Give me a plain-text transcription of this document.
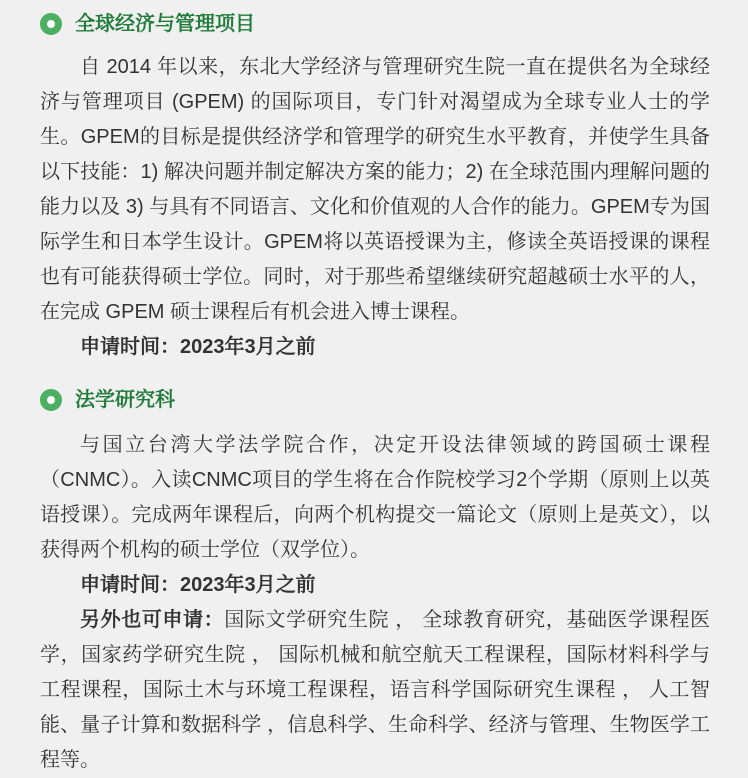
全球经济与管理项目

自 2014 年以来，东北大学经济与管理研究生院一直在提供名为全球经济与管理项目 (GPEM) 的国际项目，专门针对渴望成为全球专业人士的学生。GPEM的目标是提供经济学和管理学的研究生水平教育，并使学生具备以下技能：1) 解决问题并制定解决方案的能力；2) 在全球范围内理解问题的能力以及 3) 与具有不同语言、文化和价值观的人合作的能力。GPEM专为国际学生和日本学生设计。GPEM将以英语授课为主，修读全英语授课的课程也有可能获得硕士学位。同时，对于那些希望继续研究超越硕士水平的人，在完成 GPEM 硕士课程后有机会进入博士课程。

申请时间：2023年3月之前

法学研究科

与国立台湾大学法学院合作，决定开设法律领域的跨国硕士课程（CNMC）。入读CNMC项目的学生将在合作院校学习2个学期（原则上以英语授课）。完成两年课程后，向两个机构提交一篇论文（原则上是英文），以获得两个机构的硕士学位（双学位）。

申请时间：2023年3月之前

另外也可申请：国际文学研究生院 ， 全球教育研究，基础医学课程医学，国家药学研究生院 ， 国际机械和航空航天工程课程，国际材料科学与工程课程，国际土木与环境工程课程，语言科学国际研究生课程 ， 人工智能、量子计算和数据科学 ，信息科学、生命科学、经济与管理、生物医学工程等。
